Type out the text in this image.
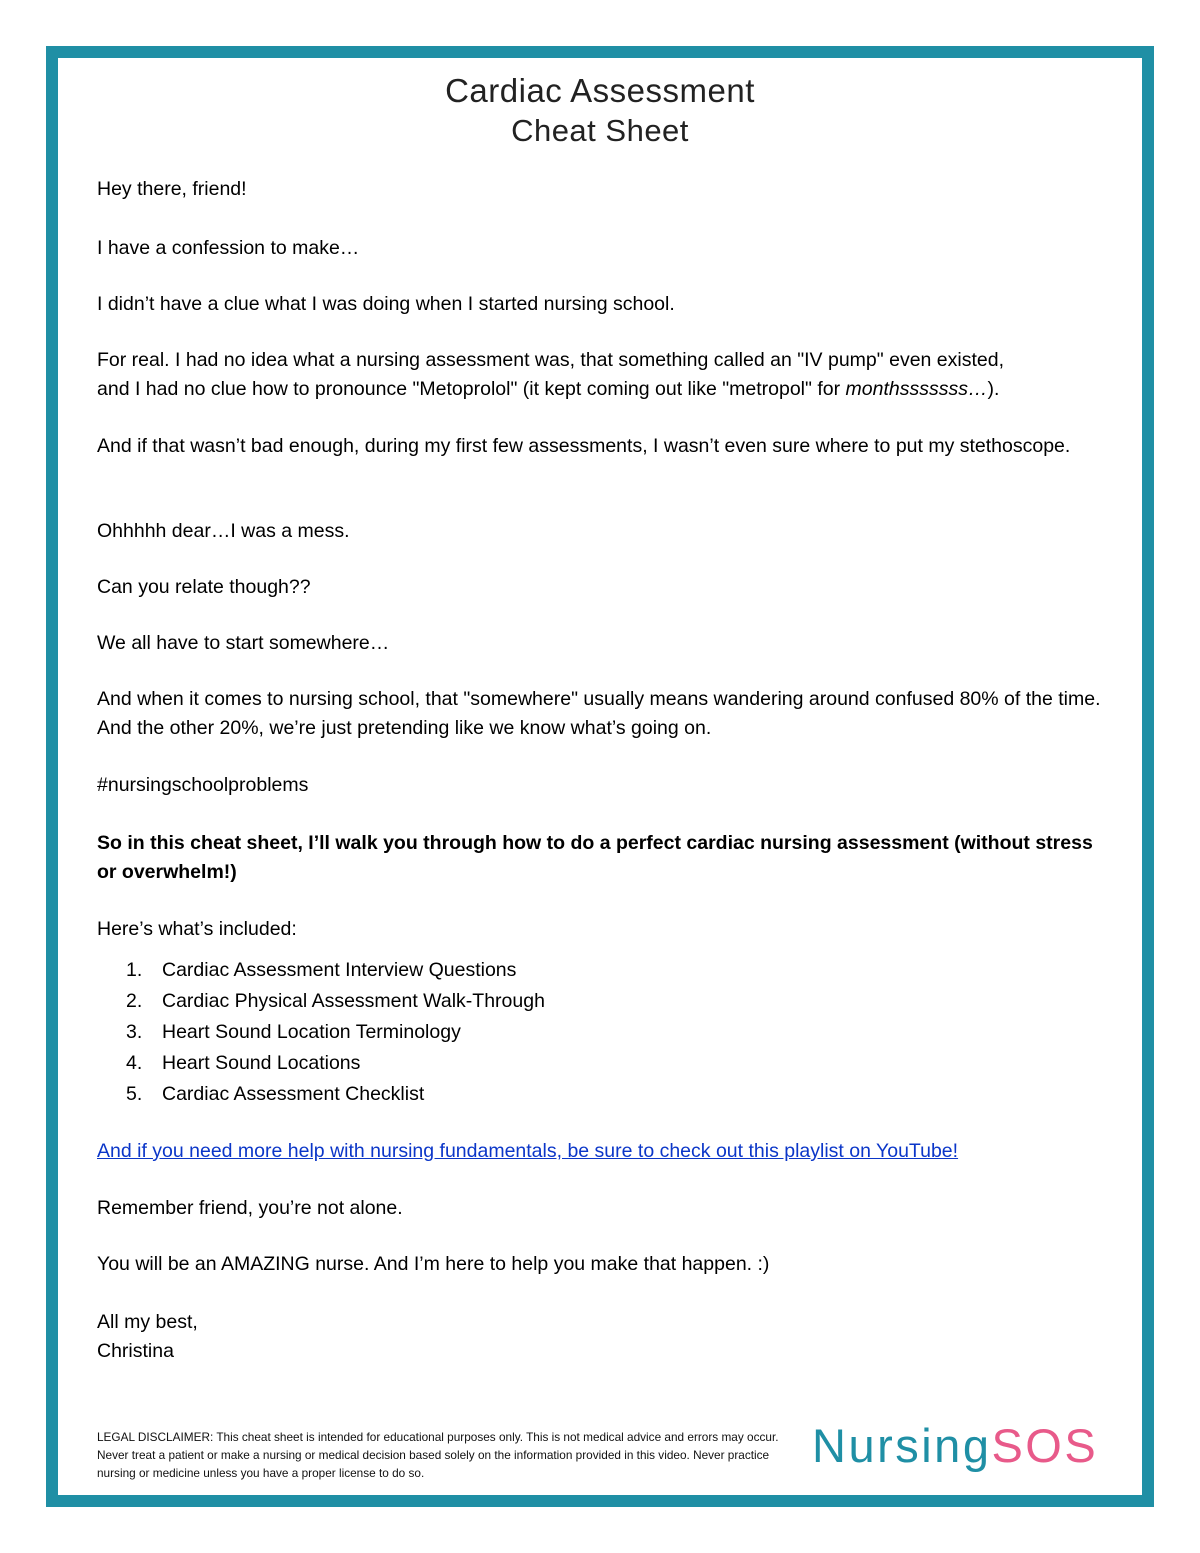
Cardiac Assessment
Cheat Sheet

Hey there, friend!

I have a confession to make…

I didn’t have a clue what I was doing when I started nursing school.

For real. I had no idea what a nursing assessment was, that something called an "IV pump" even existed,
and I had no clue how to pronounce "Metoprolol" (it kept coming out like "metropol" for monthsssssss…).

And if that wasn’t bad enough, during my first few assessments, I wasn’t even sure where to put my stethoscope.

Ohhhhh dear…I was a mess.

Can you relate though??

We all have to start somewhere…

And when it comes to nursing school, that "somewhere" usually means wandering around confused 80% of the time. And the other 20%, we’re just pretending like we know what’s going on.

#nursingschoolproblems

So in this cheat sheet, I’ll walk you through how to do a perfect cardiac nursing assessment (without stress or overwhelm!)

Here’s what’s included:

1.	Cardiac Assessment Interview Questions
2.	Cardiac Physical Assessment Walk-Through
3.	Heart Sound Location Terminology
4.	Heart Sound Locations
5.	Cardiac Assessment Checklist

And if you need more help with nursing fundamentals, be sure to check out this playlist on YouTube!

Remember friend, you’re not alone.

You will be an AMAZING nurse. And I’m here to help you make that happen. :)

All my best,
Christina

LEGAL DISCLAIMER: This cheat sheet is intended for educational purposes only. This is not medical advice and errors may occur. Never treat a patient or make a nursing or medical decision based solely on the information provided in this video. Never practice nursing or medicine unless you have a proper license to do so.
NursingSOS
